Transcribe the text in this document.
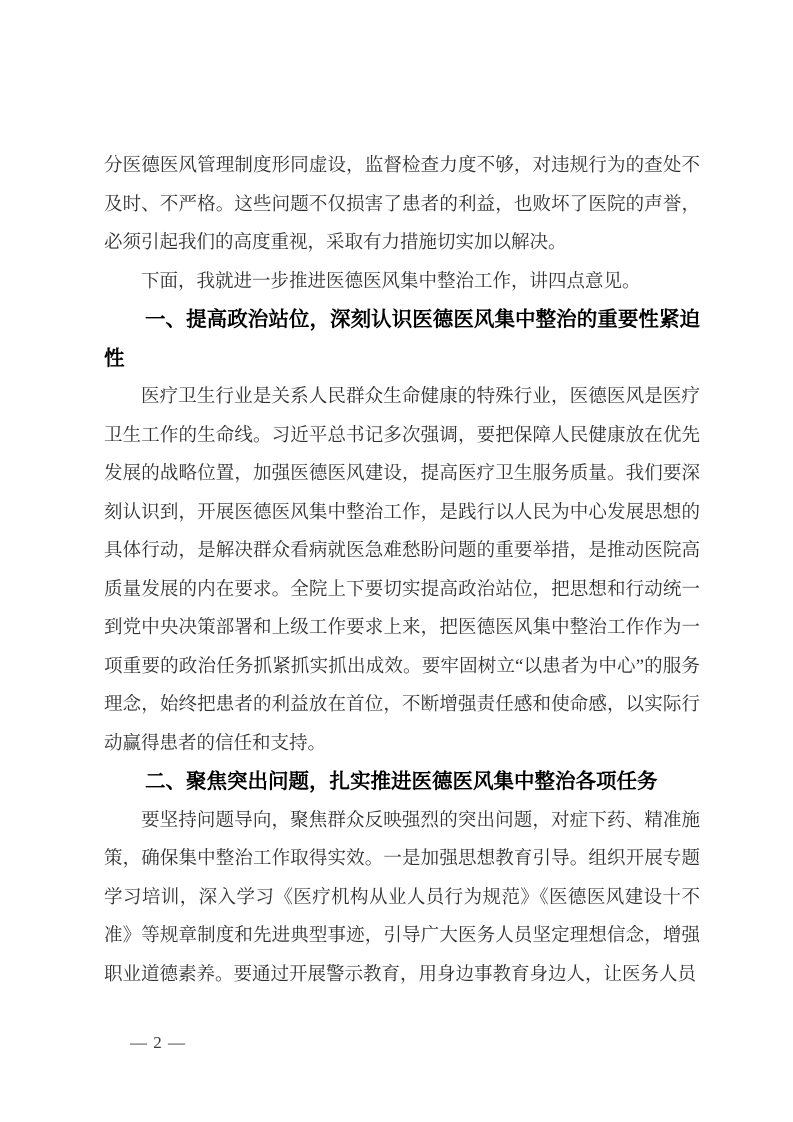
分医德医风管理制度形同虚设，监督检查力度不够，对违规行为的查处不及时、不严格。这些问题不仅损害了患者的利益，也败坏了医院的声誉，必须引起我们的高度重视，采取有力措施切实加以解决。

下面，我就进一步推进医德医风集中整治工作，讲四点意见。

一、提高政治站位，深刻认识医德医风集中整治的重要性紧迫性

医疗卫生行业是关系人民群众生命健康的特殊行业，医德医风是医疗卫生工作的生命线。习近平总书记多次强调，要把保障人民健康放在优先发展的战略位置，加强医德医风建设，提高医疗卫生服务质量。我们要深刻认识到，开展医德医风集中整治工作，是践行以人民为中心发展思想的具体行动，是解决群众看病就医急难愁盼问题的重要举措，是推动医院高质量发展的内在要求。全院上下要切实提高政治站位，把思想和行动统一到党中央决策部署和上级工作要求上来，把医德医风集中整治工作作为一项重要的政治任务抓紧抓实抓出成效。要牢固树立“以患者为中心”的服务理念，始终把患者的利益放在首位，不断增强责任感和使命感，以实际行动赢得患者的信任和支持。

二、聚焦突出问题，扎实推进医德医风集中整治各项任务

要坚持问题导向，聚焦群众反映强烈的突出问题，对症下药、精准施策，确保集中整治工作取得实效。一是加强思想教育引导。组织开展专题学习培训，深入学习《医疗机构从业人员行为规范》《医德医风建设十不准》等规章制度和先进典型事迹，引导广大医务人员坚定理想信念，增强职业道德素养。要通过开展警示教育，用身边事教育身边人，让医务人员

— 2 —
